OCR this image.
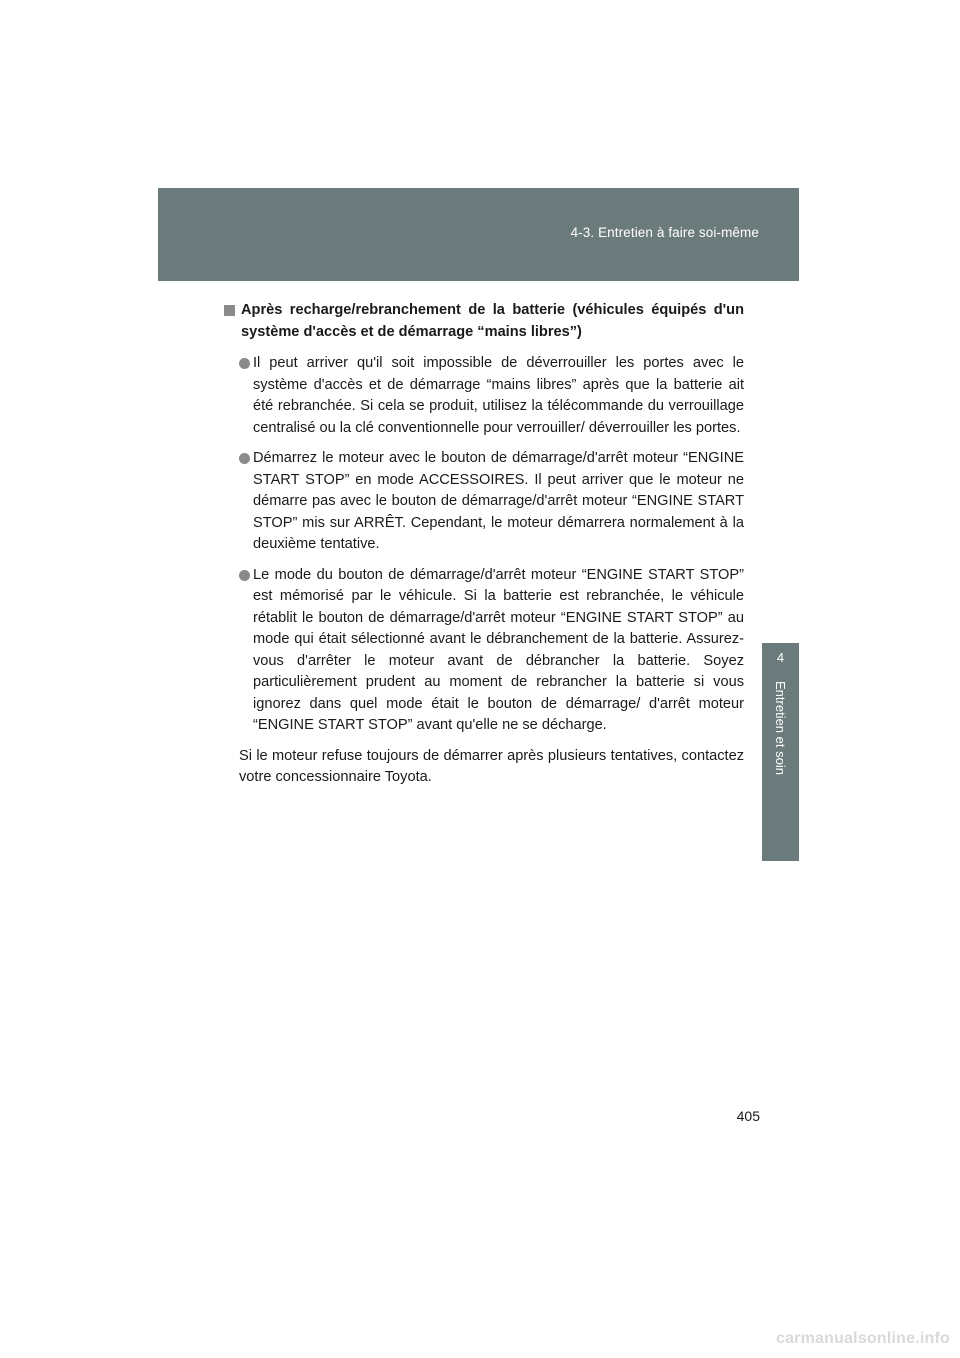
4-3. Entretien à faire soi-même
4
Entretien et soin

Après recharge/rebranchement de la batterie (véhicules équipés d'un système d'accès et de démarrage “mains libres”)

Il peut arriver qu'il soit impossible de déverrouiller les portes avec le système d'accès et de démarrage “mains libres” après que la batterie ait été rebranchée. Si cela se produit, utilisez la télécommande du verrouillage centralisé ou la clé conventionnelle pour verrouiller/ déverrouiller les portes.

Démarrez le moteur avec le bouton de démarrage/d'arrêt moteur “ENGINE START STOP” en mode ACCESSOIRES. Il peut arriver que le moteur ne démarre pas avec le bouton de démarrage/d'arrêt moteur “ENGINE START STOP” mis sur ARRÊT. Cependant, le moteur démarrera normalement à la deuxième tentative.

Le mode du bouton de démarrage/d'arrêt moteur “ENGINE START STOP” est mémorisé par le véhicule. Si la batterie est rebranchée, le véhicule rétablit le bouton de démarrage/d'arrêt moteur “ENGINE START STOP” au mode qui était sélectionné avant le débranchement de la batterie. Assurez-vous d'arrêter le moteur avant de débrancher la batterie. Soyez particulièrement prudent au moment de rebrancher la batterie si vous ignorez dans quel mode était le bouton de démarrage/ d'arrêt moteur “ENGINE START STOP” avant qu'elle ne se décharge.

Si le moteur refuse toujours de démarrer après plusieurs tentatives, contactez votre concessionnaire Toyota.

405
carmanualsonline.info
